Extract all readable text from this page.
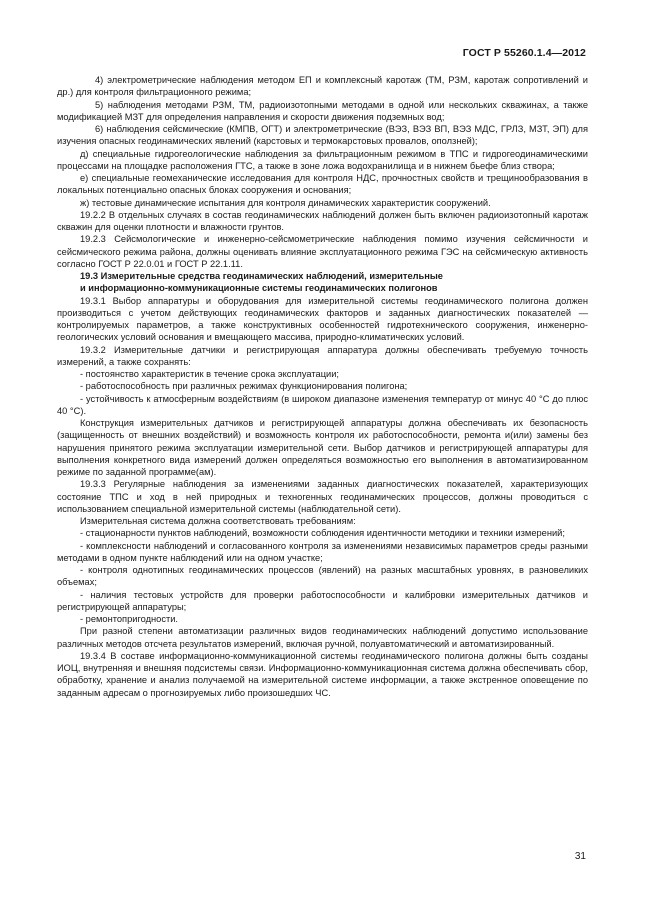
ГОСТ Р 55260.1.4—2012

4) электрометрические наблюдения методом ЕП и комплексный каротаж (ТМ, РЗМ, каротаж сопротивлений и др.) для контроля фильтрационного режима;

5) наблюдения методами РЗМ, ТМ, радиоизотопными методами в одной или нескольких скважинах, а также модификацией МЗТ для определения направления и скорости движения подземных вод;

6) наблюдения сейсмические (КМПВ, ОГТ) и электрометрические (ВЭЗ, ВЭЗ ВП, ВЭЗ МДС, ГРЛЗ, МЗТ, ЭП) для изучения опасных геодинамических явлений (карстовых и термокарстовых провалов, оползней);

д) специальные гидрогеологические наблюдения за фильтрационным режимом в ТПС и гидрогеодинамическими процессами на площадке расположения ГТС, а также в зоне ложа водохранилища и в нижнем бьефе близ створа;

е) специальные геомеханические исследования для контроля НДС, прочностных свойств и трещинообразования в локальных потенциально опасных блоках сооружения и основания;

ж) тестовые динамические испытания для контроля динамических характеристик сооружений.

19.2.2 В отдельных случаях в состав геодинамических наблюдений должен быть включен радиоизотопный каротаж скважин для оценки плотности и влажности грунтов.

19.2.3 Сейсмологические и инженерно-сейсмометрические наблюдения помимо изучения сейсмичности и сейсмического режима района, должны оценивать влияние эксплуатационного режима ГЭС на сейсмическую активность согласно ГОСТ Р 22.0.01 и ГОСТ Р 22.1.11.

19.3 Измерительные средства геодинамических наблюдений, измерительные
и информационно-коммуникационные системы геодинамических полигонов

19.3.1 Выбор аппаратуры и оборудования для измерительной системы геодинамического полигона должен производиться с учетом действующих геодинамических факторов и заданных диагностических показателей — контролируемых параметров, а также конструктивных особенностей гидротехнического сооружения, инженерно-геологических условий основания и вмещающего массива, природно-климатических условий.

19.3.2 Измерительные датчики и регистрирующая аппаратура должны обеспечивать требуемую точность измерений, а также сохранять:

- постоянство характеристик в течение срока эксплуатации;

- работоспособность при различных режимах функционирования полигона;

- устойчивость к атмосферным воздействиям (в широком диапазоне изменения температур от минус 40 °С до плюс 40 °С).

Конструкция измерительных датчиков и регистрирующей аппаратуры должна обеспечивать их безопасность (защищенность от внешних воздействий) и возможность контроля их работоспособности, ремонта и(или) замены без нарушения принятого режима эксплуатации измерительной сети. Выбор датчиков и регистрирующей аппаратуры для выполнения конкретного вида измерений должен определяться возможностью его выполнения в автоматизированном режиме по заданной программе(ам).

19.3.3 Регулярные наблюдения за изменениями заданных диагностических показателей, характеризующих состояние ТПС и ход в ней природных и техногенных геодинамических процессов, должны проводиться с использованием специальной измерительной системы (наблюдательной сети).

Измерительная система должна соответствовать требованиям:

- стационарности пунктов наблюдений, возможности соблюдения идентичности методики и техники измерений;

- комплексности наблюдений и согласованного контроля за изменениями независимых параметров среды разными методами в одном пункте наблюдений или на одном участке;

- контроля однотипных геодинамических процессов (явлений) на разных масштабных уровнях, в разновеликих объемах;

- наличия тестовых устройств для проверки работоспособности и калибровки измерительных датчиков и регистрирующей аппаратуры;

- ремонтопригодности.

При разной степени автоматизации различных видов геодинамических наблюдений допустимо использование различных методов отсчета результатов измерений, включая ручной, полуавтоматический и автоматизированный.

19.3.4 В составе информационно-коммуникационной системы геодинамического полигона должны быть созданы ИОЦ, внутренняя и внешняя подсистемы связи. Информационно-коммуникационная система должна обеспечивать сбор, обработку, хранение и анализ получаемой на измерительной системе информации, а также экстренное оповещение по заданным адресам о прогнозируемых либо произошедших ЧС.

31
